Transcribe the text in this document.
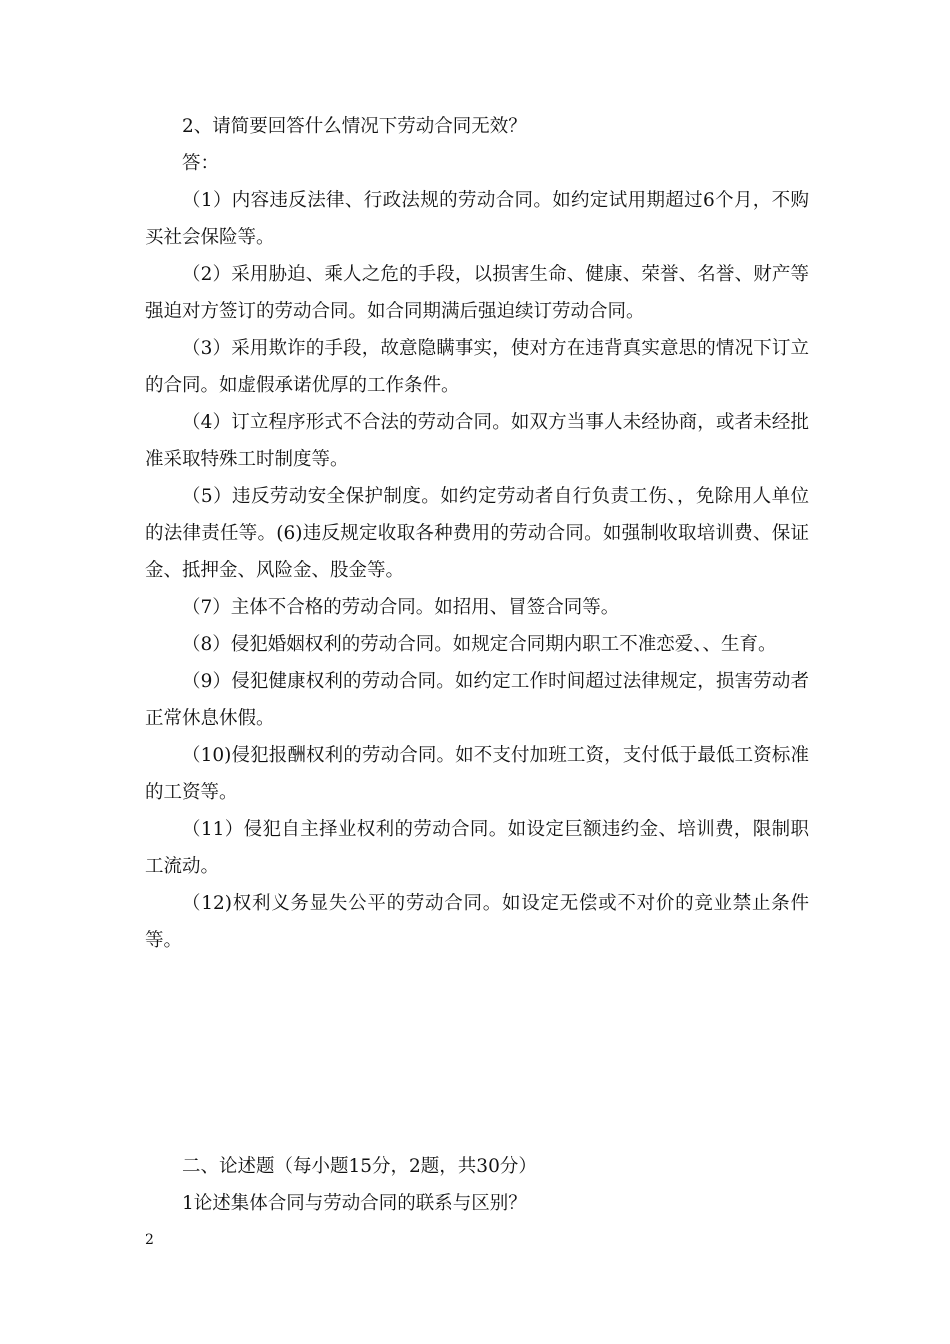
2、请简要回答什么情况下劳动合同无效？

答：

（1）内容违反法律、行政法规的劳动合同。如约定试用期超过6个月，不购买社会保险等。

（2）采用胁迫、乘人之危的手段，以损害生命、健康、荣誉、名誉、财产等强迫对方签订的劳动合同。如合同期满后强迫续订劳动合同。

（3）采用欺诈的手段，故意隐瞒事实，使对方在违背真实意思的情况下订立的合同。如虚假承诺优厚的工作条件。

（4）订立程序形式不合法的劳动合同。如双方当事人未经协商，或者未经批准采取特殊工时制度等。

（5）违反劳动安全保护制度。如约定劳动者自行负责工伤、，免除用人单位的法律责任等。(6)违反规定收取各种费用的劳动合同。如强制收取培训费、保证金、抵押金、风险金、股金等。

（7）主体不合格的劳动合同。如招用、冒签合同等。

（8）侵犯婚姻权利的劳动合同。如规定合同期内职工不准恋爱、、生育。

（9）侵犯健康权利的劳动合同。如约定工作时间超过法律规定，损害劳动者正常休息休假。

（10)侵犯报酬权利的劳动合同。如不支付加班工资，支付低于最低工资标准的工资等。

（11）侵犯自主择业权利的劳动合同。如设定巨额违约金、培训费，限制职工流动。

（12)权利义务显失公平的劳动合同。如设定无偿或不对价的竞业禁止条件等。

二、论述题（每小题15分，2题，共30分）

1论述集体合同与劳动合同的联系与区别？

2
